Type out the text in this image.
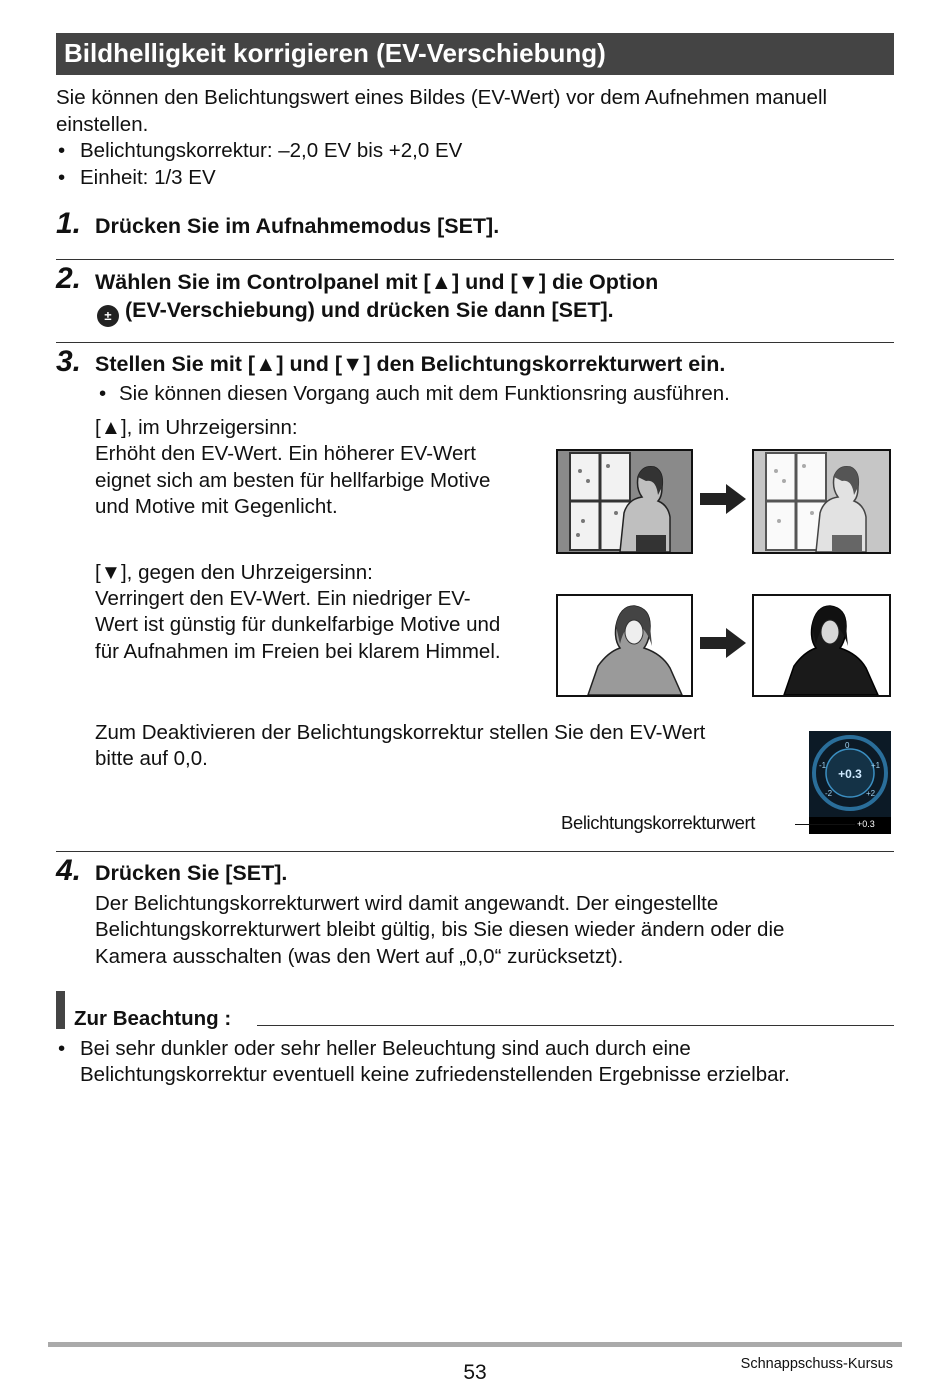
Bildhelligkeit korrigieren (EV-Verschiebung)
Sie können den Belichtungswert eines Bildes (EV-Wert) vor dem Aufnehmen manuell
einstellen.
• Belichtungskorrektur: –2,0 EV bis +2,0 EV
• Einheit: 1/3 EV
1. Drücken Sie im Aufnahmemodus [SET].
2. Wählen Sie im Controlpanel mit [▲] und [▼] die Option
± (EV-Verschiebung) und drücken Sie dann [SET].
3. Stellen Sie mit [▲] und [▼] den Belichtungskorrekturwert ein.
• Sie können diesen Vorgang auch mit dem Funktionsring ausführen.
[▲], im Uhrzeigersinn:
Erhöht den EV-Wert. Ein höherer EV-Wert
eignet sich am besten für hellfarbige Motive
und Motive mit Gegenlicht.
[▼], gegen den Uhrzeigersinn:
Verringert den EV-Wert. Ein niedriger EV-
Wert ist günstig für dunkelfarbige Motive und
für Aufnahmen im Freien bei klarem Himmel.
Zum Deaktivieren der Belichtungskorrektur stellen Sie den EV-Wert
bitte auf 0,0.
0
-1	+1
-2	+2
+0.3
+0.3
Belichtungskorrekturwert
4. Drücken Sie [SET].
Der Belichtungskorrekturwert wird damit angewandt. Der eingestellte
Belichtungskorrekturwert bleibt gültig, bis Sie diesen wieder ändern oder die
Kamera ausschalten (was den Wert auf „0,0“ zurücksetzt).
Zur Beachtung :
• Bei sehr dunkler oder sehr heller Beleuchtung sind auch durch eine
Belichtungskorrektur eventuell keine zufriedenstellenden Ergebnisse erzielbar.
53	Schnappschuss-Kursus
